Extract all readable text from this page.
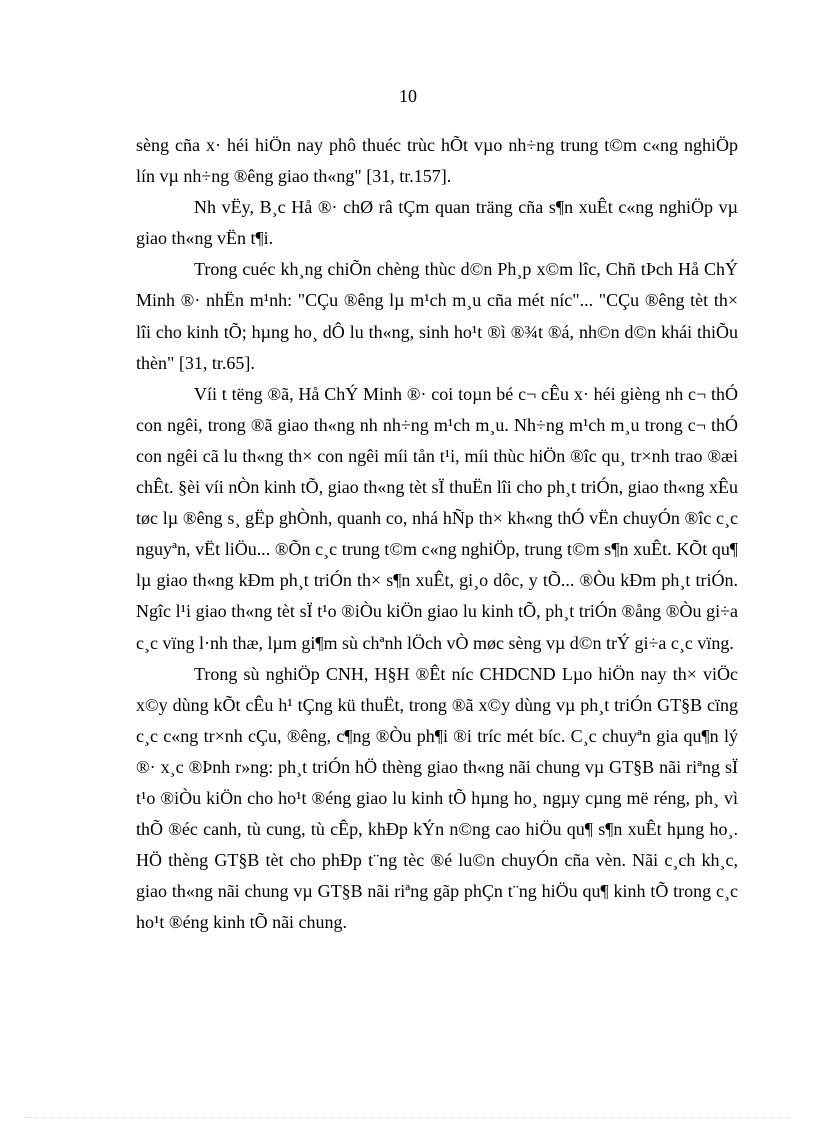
10

sèng cña x· héi hiÖn nay phô thuéc trùc hÕt vµo nh÷ng trung t©m c«ng nghiÖp lín vµ nh÷ng ®êng giao th«ng" [31, tr.157].

Nh vËy, B¸c Hå ®· chØ râ tÇm quan träng cña s¶n xuÊt c«ng nghiÖp vµ giao th«ng vËn t¶i.

Trong cuéc kh¸ng chiÕn chèng thùc d©n Ph¸p x©m lîc, Chñ tÞch Hå ChÝ Minh ®· nhËn m¹nh: "CÇu ®êng lµ m¹ch m¸u cña mét níc"... "CÇu ®êng tèt th× lîi cho kinh tÕ; hµng ho¸ dÔ lu th«ng, sinh ho¹t ®ì ®¾t ®á, nh©n d©n khái thiÕu thèn" [31, tr.65].

Víi t tëng ®ã, Hå ChÝ Minh ®· coi toµn bé c¬ cÊu x· héi gièng nh c¬ thÓ con ngêi, trong ®ã giao th«ng nh nh÷ng m¹ch m¸u. Nh÷ng m¹ch m¸u trong c¬ thÓ con ngêi cã lu th«ng th× con ngêi míi tån t¹i, míi thùc hiÖn ®îc qu¸ tr×nh trao ®æi chÊt. §èi víi nÒn kinh tÕ, giao th«ng tèt sÏ thuËn lîi cho ph¸t triÓn, giao th«ng xÊu tøc lµ ®êng s¸ gËp ghÒnh, quanh co, nhá hÑp th× kh«ng thÓ vËn chuyÓn ®îc c¸c nguyªn, vËt liÖu... ®Õn c¸c trung t©m c«ng nghiÖp, trung t©m s¶n xuÊt. KÕt qu¶ lµ giao th«ng kÐm ph¸t triÓn th× s¶n xuÊt, gi¸o dôc, y tÕ... ®Òu kÐm ph¸t triÓn. Ngîc l¹i giao th«ng tèt sÏ t¹o ®iÒu kiÖn giao lu kinh tÕ, ph¸t triÓn ®ång ®Òu gi÷a c¸c vïng l·nh thæ, lµm gi¶m sù chªnh lÖch vÒ møc sèng vµ d©n trÝ gi÷a c¸c vïng.

Trong sù nghiÖp CNH, H§H ®Êt níc CHDCND Lµo hiÖn nay th× viÖc x©y dùng kÕt cÊu h¹ tÇng kü thuËt, trong ®ã x©y dùng vµ ph¸t triÓn GT§B cïng c¸c c«ng tr×nh cÇu, ®êng, c¶ng ®Òu ph¶i ®i tríc mét bíc. C¸c chuyªn gia qu¶n lý ®· x¸c ®Þnh r»ng: ph¸t triÓn hÖ thèng giao th«ng nãi chung vµ GT§B nãi riªng sÏ t¹o ®iÒu kiÖn cho ho¹t ®éng giao lu kinh tÕ hµng ho¸ ngµy cµng më réng, ph¸ vì thÕ ®éc canh, tù cung, tù cÊp, khÐp kÝn n©ng cao hiÖu qu¶ s¶n xuÊt hµng ho¸. HÖ thèng GT§B tèt cho phÐp t¨ng tèc ®é lu©n chuyÓn cña vèn. Nãi c¸ch kh¸c, giao th«ng nãi chung vµ GT§B nãi riªng gãp phÇn t¨ng hiÖu qu¶ kinh tÕ trong c¸c ho¹t ®éng kinh tÕ nãi chung.
